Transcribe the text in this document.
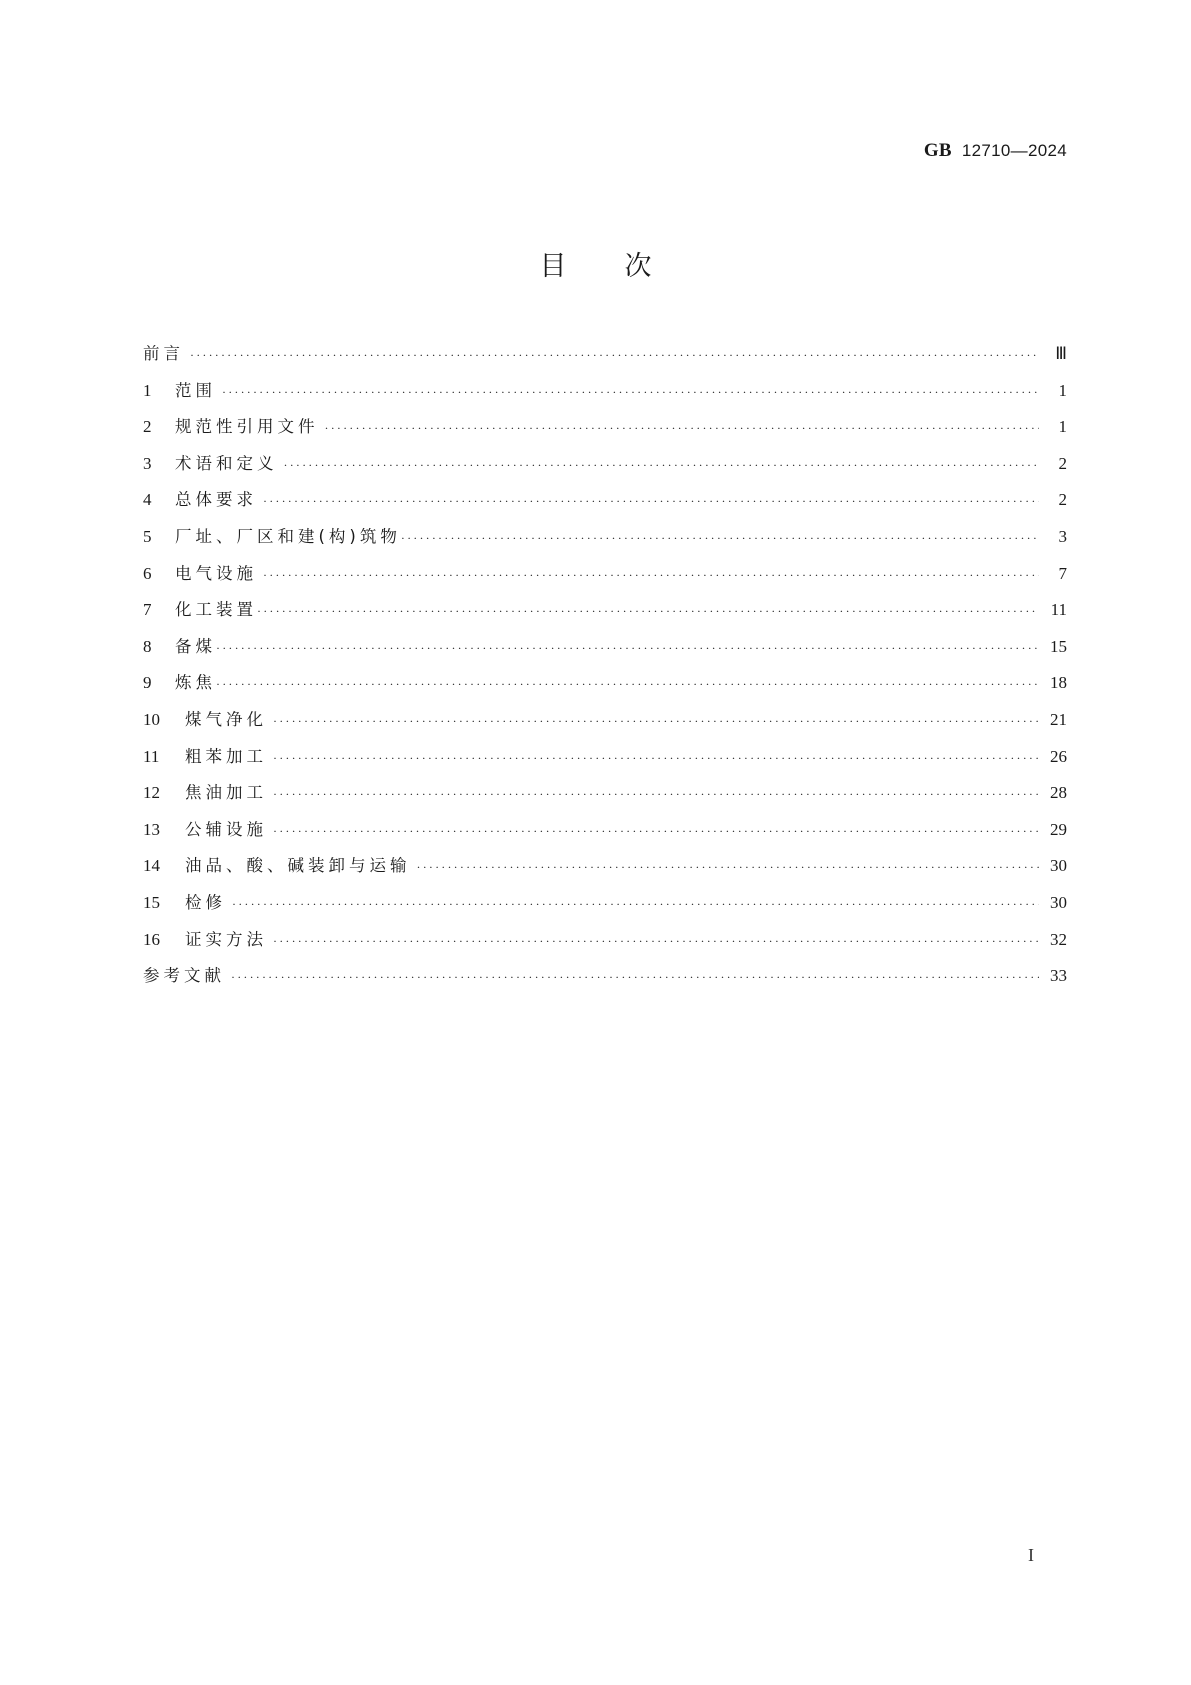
GB 12710—2024
目次
前言 ·····	Ⅲ
1	范围 ·····	1
2	规范性引用文件 ·····	1
3	术语和定义 ·····	2
4	总体要求 ·····	2
5	厂址、厂区和建(构)筑物 ·····	3
6	电气设施 ·····	7
7	化工装置 ·····	11
8	备煤 ·····	15
9	炼焦 ·····	18
10	煤气净化 ·····	21
11	粗苯加工 ·····	26
12	焦油加工 ·····	28
13	公辅设施 ·····	29
14	油品、酸、碱装卸与运输 ·····	30
15	检修 ·····	30
16	证实方法 ·····	32
参考文献 ·····	33
I
